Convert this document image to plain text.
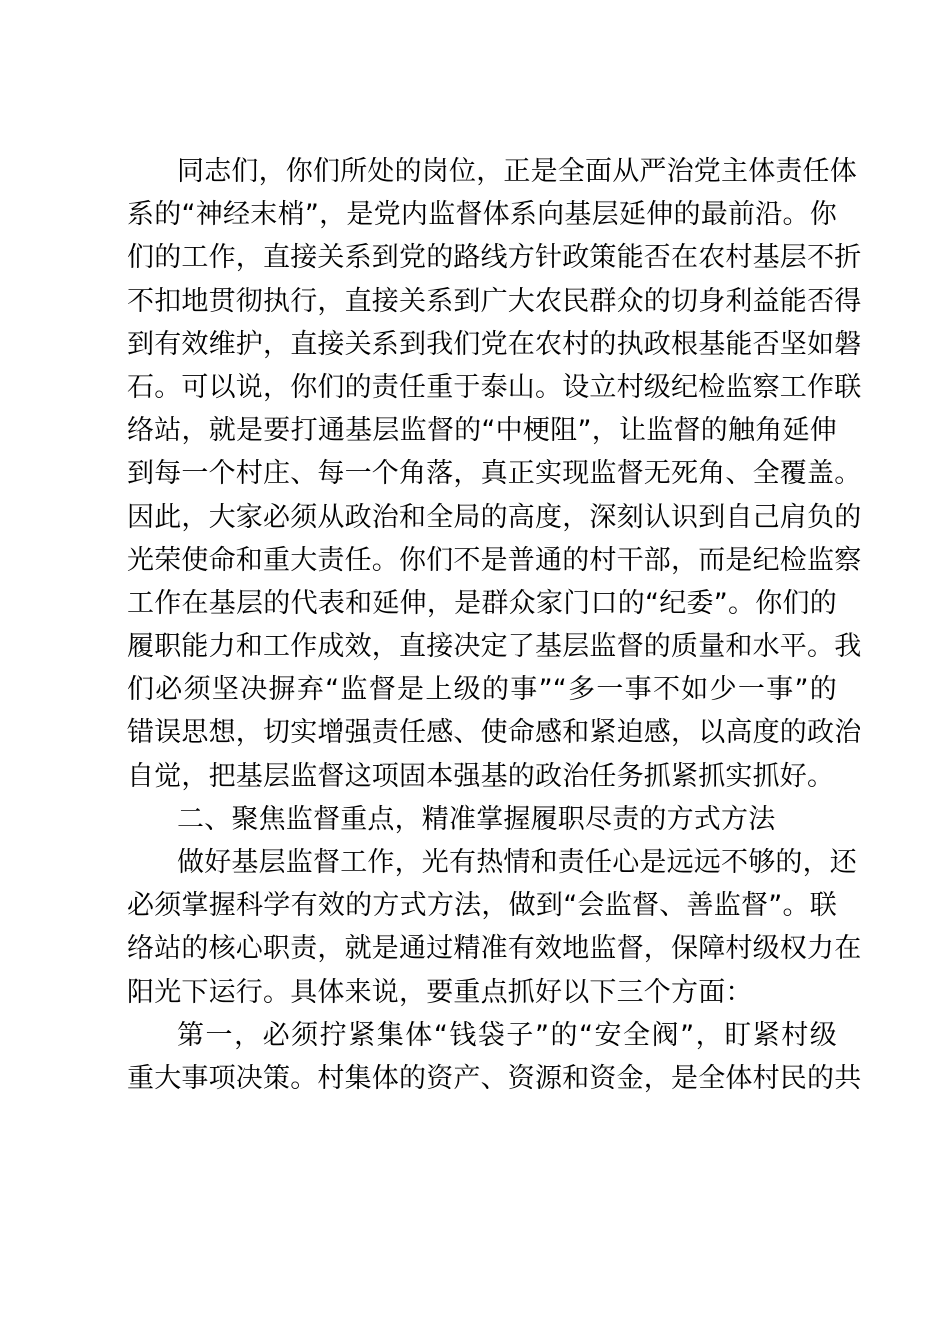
同志们，你们所处的岗位，正是全面从严治党主体责任体
系的“神经末梢”，是党内监督体系向基层延伸的最前沿。你
们的工作，直接关系到党的路线方针政策能否在农村基层不折
不扣地贯彻执行，直接关系到广大农民群众的切身利益能否得
到有效维护，直接关系到我们党在农村的执政根基能否坚如磐
石。可以说，你们的责任重于泰山。设立村级纪检监察工作联
络站，就是要打通基层监督的“中梗阻”，让监督的触角延伸
到每一个村庄、每一个角落，真正实现监督无死角、全覆盖。
因此，大家必须从政治和全局的高度，深刻认识到自己肩负的
光荣使命和重大责任。你们不是普通的村干部，而是纪检监察
工作在基层的代表和延伸，是群众家门口的“纪委”。你们的
履职能力和工作成效，直接决定了基层监督的质量和水平。我
们必须坚决摒弃“监督是上级的事”“多一事不如少一事”的
错误思想，切实增强责任感、使命感和紧迫感，以高度的政治
自觉，把基层监督这项固本强基的政治任务抓紧抓实抓好。
二、聚焦监督重点，精准掌握履职尽责的方式方法
做好基层监督工作，光有热情和责任心是远远不够的，还
必须掌握科学有效的方式方法，做到“会监督、善监督”。联
络站的核心职责，就是通过精准有效地监督，保障村级权力在
阳光下运行。具体来说，要重点抓好以下三个方面：
第一，必须拧紧集体“钱袋子”的“安全阀”，盯紧村级
重大事项决策。村集体的资产、资源和资金，是全体村民的共
